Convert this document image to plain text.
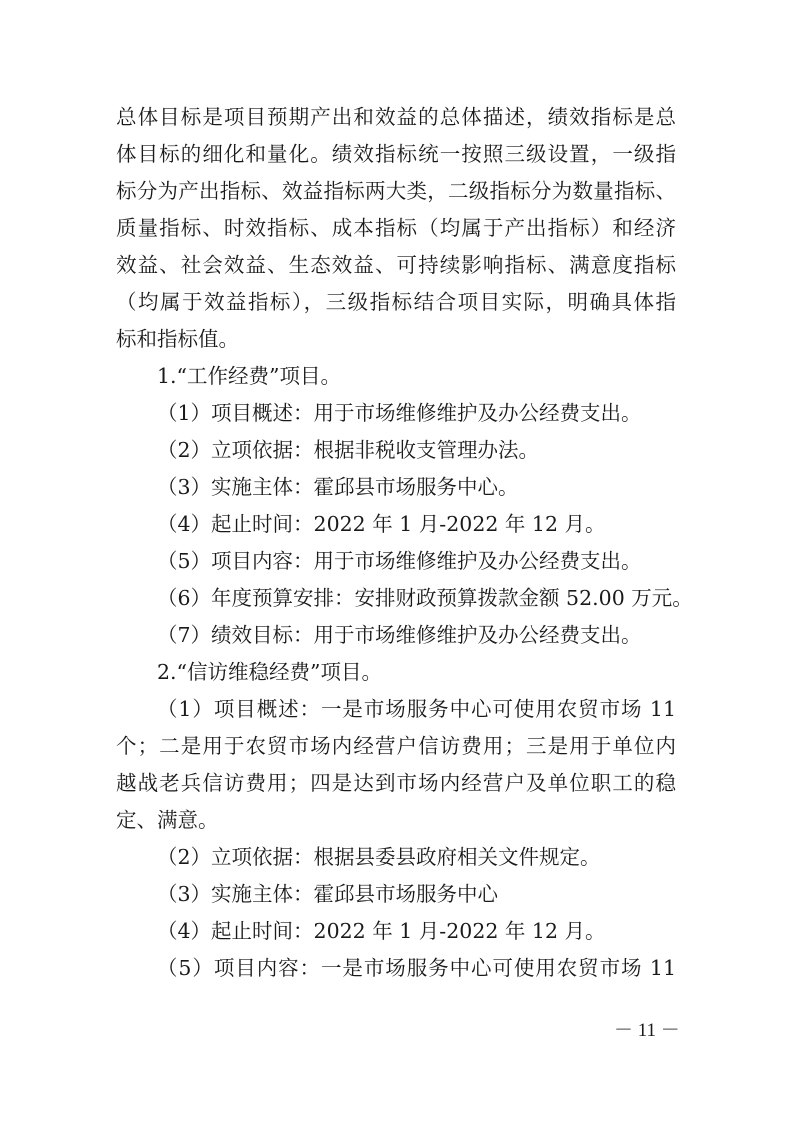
总体目标是项目预期产出和效益的总体描述，绩效指标是总
体目标的细化和量化。绩效指标统一按照三级设置，一级指
标分为产出指标、效益指标两大类，二级指标分为数量指标、
质量指标、时效指标、成本指标（均属于产出指标）和经济
效益、社会效益、生态效益、可持续影响指标、满意度指标
（均属于效益指标），三级指标结合项目实际，明确具体指
标和指标值。
1.“工作经费”项目。
（1）项目概述：用于市场维修维护及办公经费支出。
（2）立项依据：根据非税收支管理办法。
（3）实施主体：霍邱县市场服务中心。
（4）起止时间：2022 年 1 月-2022 年 12 月。
（5）项目内容：用于市场维修维护及办公经费支出。
（6）年度预算安排：安排财政预算拨款金额 52.00 万元。
（7）绩效目标：用于市场维修维护及办公经费支出。
2.“信访维稳经费”项目。
（1）项目概述：一是市场服务中心可使用农贸市场 11
个；二是用于农贸市场内经营户信访费用；三是用于单位内
越战老兵信访费用；四是达到市场内经营户及单位职工的稳
定、满意。
（2）立项依据：根据县委县政府相关文件规定。
（3）实施主体：霍邱县市场服务中心
（4）起止时间：2022 年 1 月-2022 年 12 月。
（5）项目内容：一是市场服务中心可使用农贸市场 11
－ 11 －
